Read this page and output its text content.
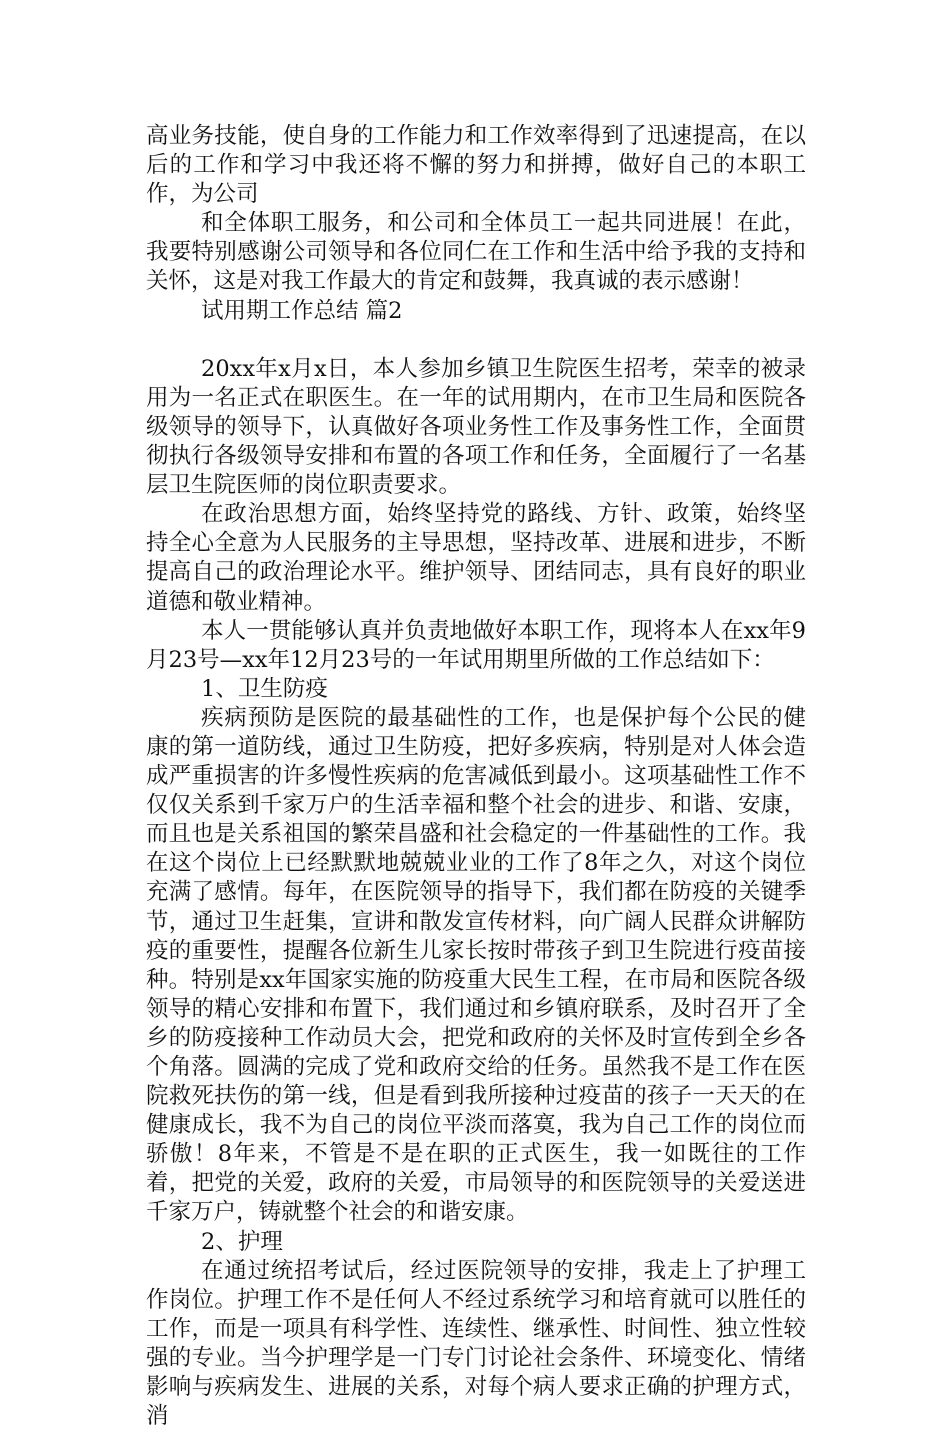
高业务技能，使自身的工作能力和工作效率得到了迅速提高，在以后的工作和学习中我还将不懈的努力和拼搏，做好自己的本职工作，为公司

和全体职工服务，和公司和全体员工一起共同进展！在此，我要特别感谢公司领导和各位同仁在工作和生活中给予我的支持和关怀，这是对我工作最大的肯定和鼓舞，我真诚的表示感谢！

试用期工作总结 篇2

20xx年x月x日，本人参加乡镇卫生院医生招考，荣幸的被录用为一名正式在职医生。在一年的试用期内，在市卫生局和医院各级领导的领导下，认真做好各项业务性工作及事务性工作，全面贯彻执行各级领导安排和布置的各项工作和任务，全面履行了一名基层卫生院医师的岗位职责要求。

在政治思想方面，始终坚持党的路线、方针、政策，始终坚持全心全意为人民服务的主导思想，坚持改革、进展和进步，不断提高自己的政治理论水平。维护领导、团结同志，具有良好的职业道德和敬业精神。

本人一贯能够认真并负责地做好本职工作，现将本人在xx年9月23号—xx年12月23号的一年试用期里所做的工作总结如下：

1、卫生防疫

疾病预防是医院的最基础性的工作，也是保护每个公民的健康的第一道防线，通过卫生防疫，把好多疾病，特别是对人体会造成严重损害的许多慢性疾病的危害减低到最小。这项基础性工作不仅仅关系到千家万户的生活幸福和整个社会的进步、和谐、安康，而且也是关系祖国的繁荣昌盛和社会稳定的一件基础性的工作。我在这个岗位上已经默默地兢兢业业的工作了8年之久，对这个岗位充满了感情。每年，在医院领导的指导下，我们都在防疫的关键季节，通过卫生赶集，宣讲和散发宣传材料，向广阔人民群众讲解防疫的重要性，提醒各位新生儿家长按时带孩子到卫生院进行疫苗接种。特别是xx年国家实施的防疫重大民生工程，在市局和医院各级领导的精心安排和布置下，我们通过和乡镇府联系，及时召开了全乡的防疫接种工作动员大会，把党和政府的关怀及时宣传到全乡各个角落。圆满的完成了党和政府交给的任务。虽然我不是工作在医院救死扶伤的第一线，但是看到我所接种过疫苗的孩子一天天的在健康成长，我不为自己的岗位平淡而落寞，我为自己工作的岗位而骄傲！8年来，不管是不是在职的正式医生，我一如既往的工作着，把党的关爱，政府的关爱，市局领导的和医院领导的关爱送进千家万户，铸就整个社会的和谐安康。

2、护理

在通过统招考试后，经过医院领导的安排，我走上了护理工作岗位。护理工作不是任何人不经过系统学习和培育就可以胜任的工作，而是一项具有科学性、连续性、继承性、时间性、独立性较强的专业。当今护理学是一门专门讨论社会条件、环境变化、情绪影响与疾病发生、进展的关系，对每个病人要求正确的护理方式，消
